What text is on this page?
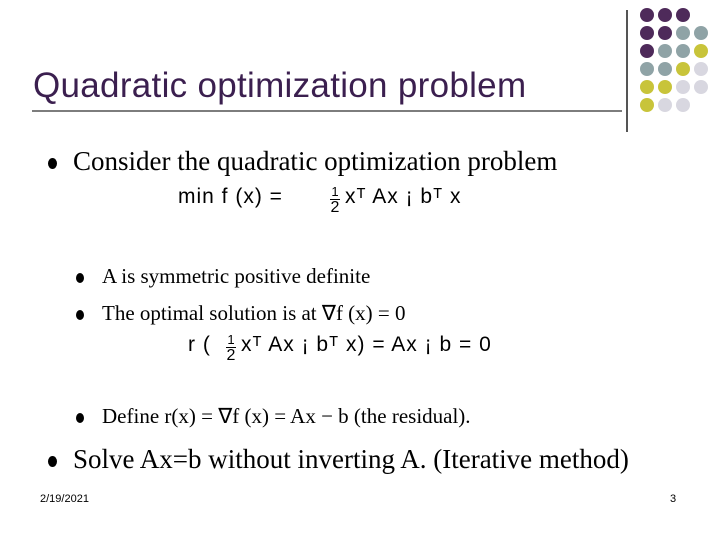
Quadratic optimization problem
Consider the quadratic optimization problem
min f (x) =	1
2 xᵀ Ax ¡ bᵀ x
A is symmetric positive definite
The optimal solution is at ∇f (x) = 0
r ( 1
2 xᵀ Ax ¡ bᵀ x) = Ax ¡ b = 0
Define r(x) = ∇f (x) = Ax − b (the residual).
Solve Ax=b without inverting A. (Iterative method)
2/19/2021	3
